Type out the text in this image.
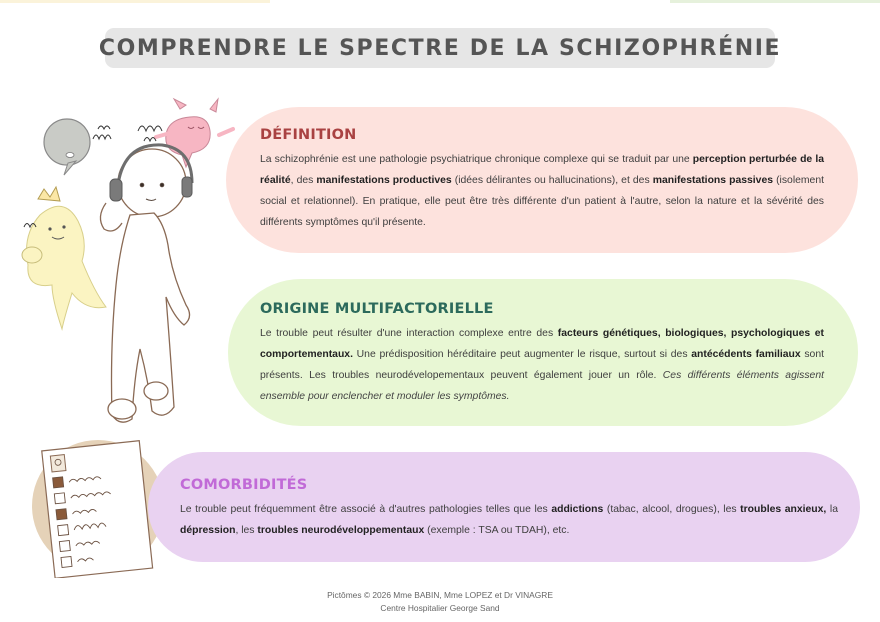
COMPRENDRE LE SPECTRE DE LA SCHIZOPHRÉNIE
DÉFINITION

La schizophrénie est une pathologie psychiatrique chronique complexe qui se traduit par une perception perturbée de la réalité, des manifestations productives (idées délirantes ou hallucinations), et des manifestations passives (isolement social et relationnel). En pratique, elle peut être très différente d'un patient à l'autre, selon la nature et la sévérité des différents symptômes qu'il présente.

ORIGINE MULTIFACTORIELLE

Le trouble peut résulter d'une interaction complexe entre des facteurs génétiques, biologiques, psychologiques et comportementaux. Une prédisposition héréditaire peut augmenter le risque, surtout si des antécédents familiaux sont présents. Les troubles neurodévelopementaux peuvent également jouer un rôle. Ces différents éléments agissent ensemble pour enclencher et moduler les symptômes.

COMORBIDITÉS

Le trouble peut fréquemment être associé à d'autres pathologies telles que les addictions (tabac, alcool, drogues), les troubles anxieux, la dépression, les troubles neurodéveloppementaux (exemple : TSA ou TDAH), etc.

Pictômes © 2026 Mme BABIN, Mme LOPEZ et Dr VINAGRE
Centre Hospitalier George Sand
